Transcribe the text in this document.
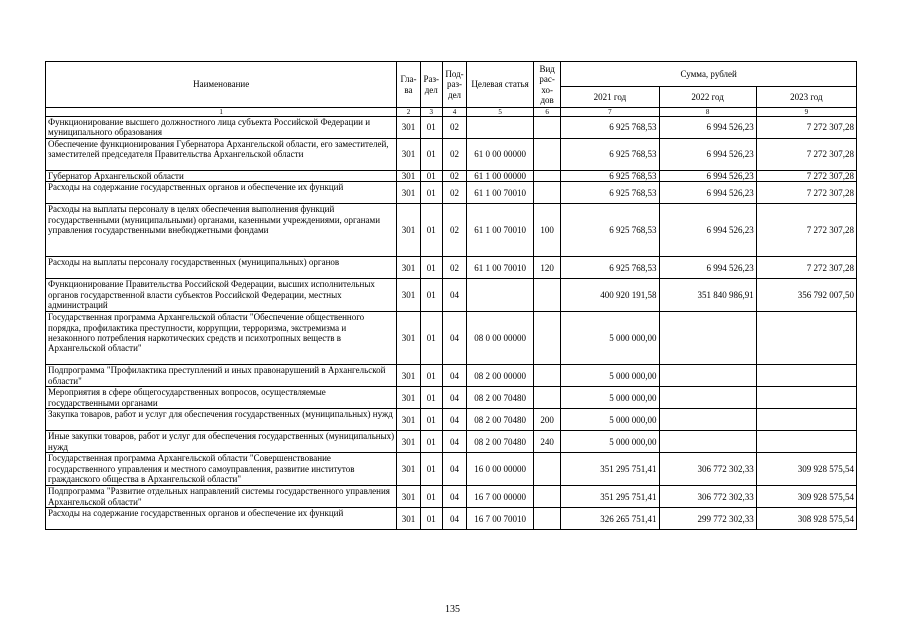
Наименование	Гла-ва	Раз-дел	Под-раз-дел	Целевая статья	Вид рас-хо-дов	Сумма, рублей		
						2021 год	2022 год	2023 год
1	2	3	4	5	6	7	8	9
Функционирование высшего должностного лица субъекта Российской Федерации и муниципального образования	301	01	02			6 925 768,53	6 994 526,23	7 272 307,28
Обеспечение функционирования Губернатора Архангельской области, его заместителей, заместителей председателя Правительства Архангельской области	301	01	02	61 0 00 00000		6 925 768,53	6 994 526,23	7 272 307,28
Губернатор Архангельской области	301	01	02	61 1 00 00000		6 925 768,53	6 994 526,23	7 272 307,28
Расходы на содержание государственных органов и обеспечение их функций	301	01	02	61 1 00 70010		6 925 768,53	6 994 526,23	7 272 307,28
Расходы на выплаты персоналу в целях обеспечения выполнения функций государственными (муниципальными) органами, казенными учреждениями, органами управления государственными внебюджетными фондами	301	01	02	61 1 00 70010	100	6 925 768,53	6 994 526,23	7 272 307,28
Расходы на выплаты персоналу государственных (муниципальных) органов	301	01	02	61 1 00 70010	120	6 925 768,53	6 994 526,23	7 272 307,28
Функционирование Правительства Российской Федерации, высших исполнительных органов государственной власти субъектов Российской Федерации, местных администраций	301	01	04			400 920 191,58	351 840 986,91	356 792 007,50
Государственная программа Архангельской области "Обеспечение общественного порядка, профилактика преступности, коррупции, терроризма, экстремизма и незаконного потребления наркотических средств и психотропных веществ в Архангельской области"	301	01	04	08 0 00 00000		5 000 000,00		
Подпрограмма "Профилактика преступлений и иных правонарушений в Архангельской области"	301	01	04	08 2 00 00000		5 000 000,00		
Мероприятия в сфере общегосударственных вопросов, осуществляемые государственными органами	301	01	04	08 2 00 70480		5 000 000,00		
Закупка товаров, работ и услуг для обеспечения государственных (муниципальных) нужд	301	01	04	08 2 00 70480	200	5 000 000,00		
Иные закупки товаров, работ и услуг для обеспечения государственных (муниципальных) нужд	301	01	04	08 2 00 70480	240	5 000 000,00		
Государственная программа Архангельской области "Совершенствование государственного управления и местного самоуправления, развитие институтов гражданского общества в Архангельской области"	301	01	04	16 0 00 00000		351 295 751,41	306 772 302,33	309 928 575,54
Подпрограмма "Развитие отдельных направлений системы государственного управления Архангельской области"	301	01	04	16 7 00 00000		351 295 751,41	306 772 302,33	309 928 575,54
Расходы на содержание государственных органов и обеспечение их функций	301	01	04	16 7 00 70010		326 265 751,41	299 772 302,33	308 928 575,54
135
